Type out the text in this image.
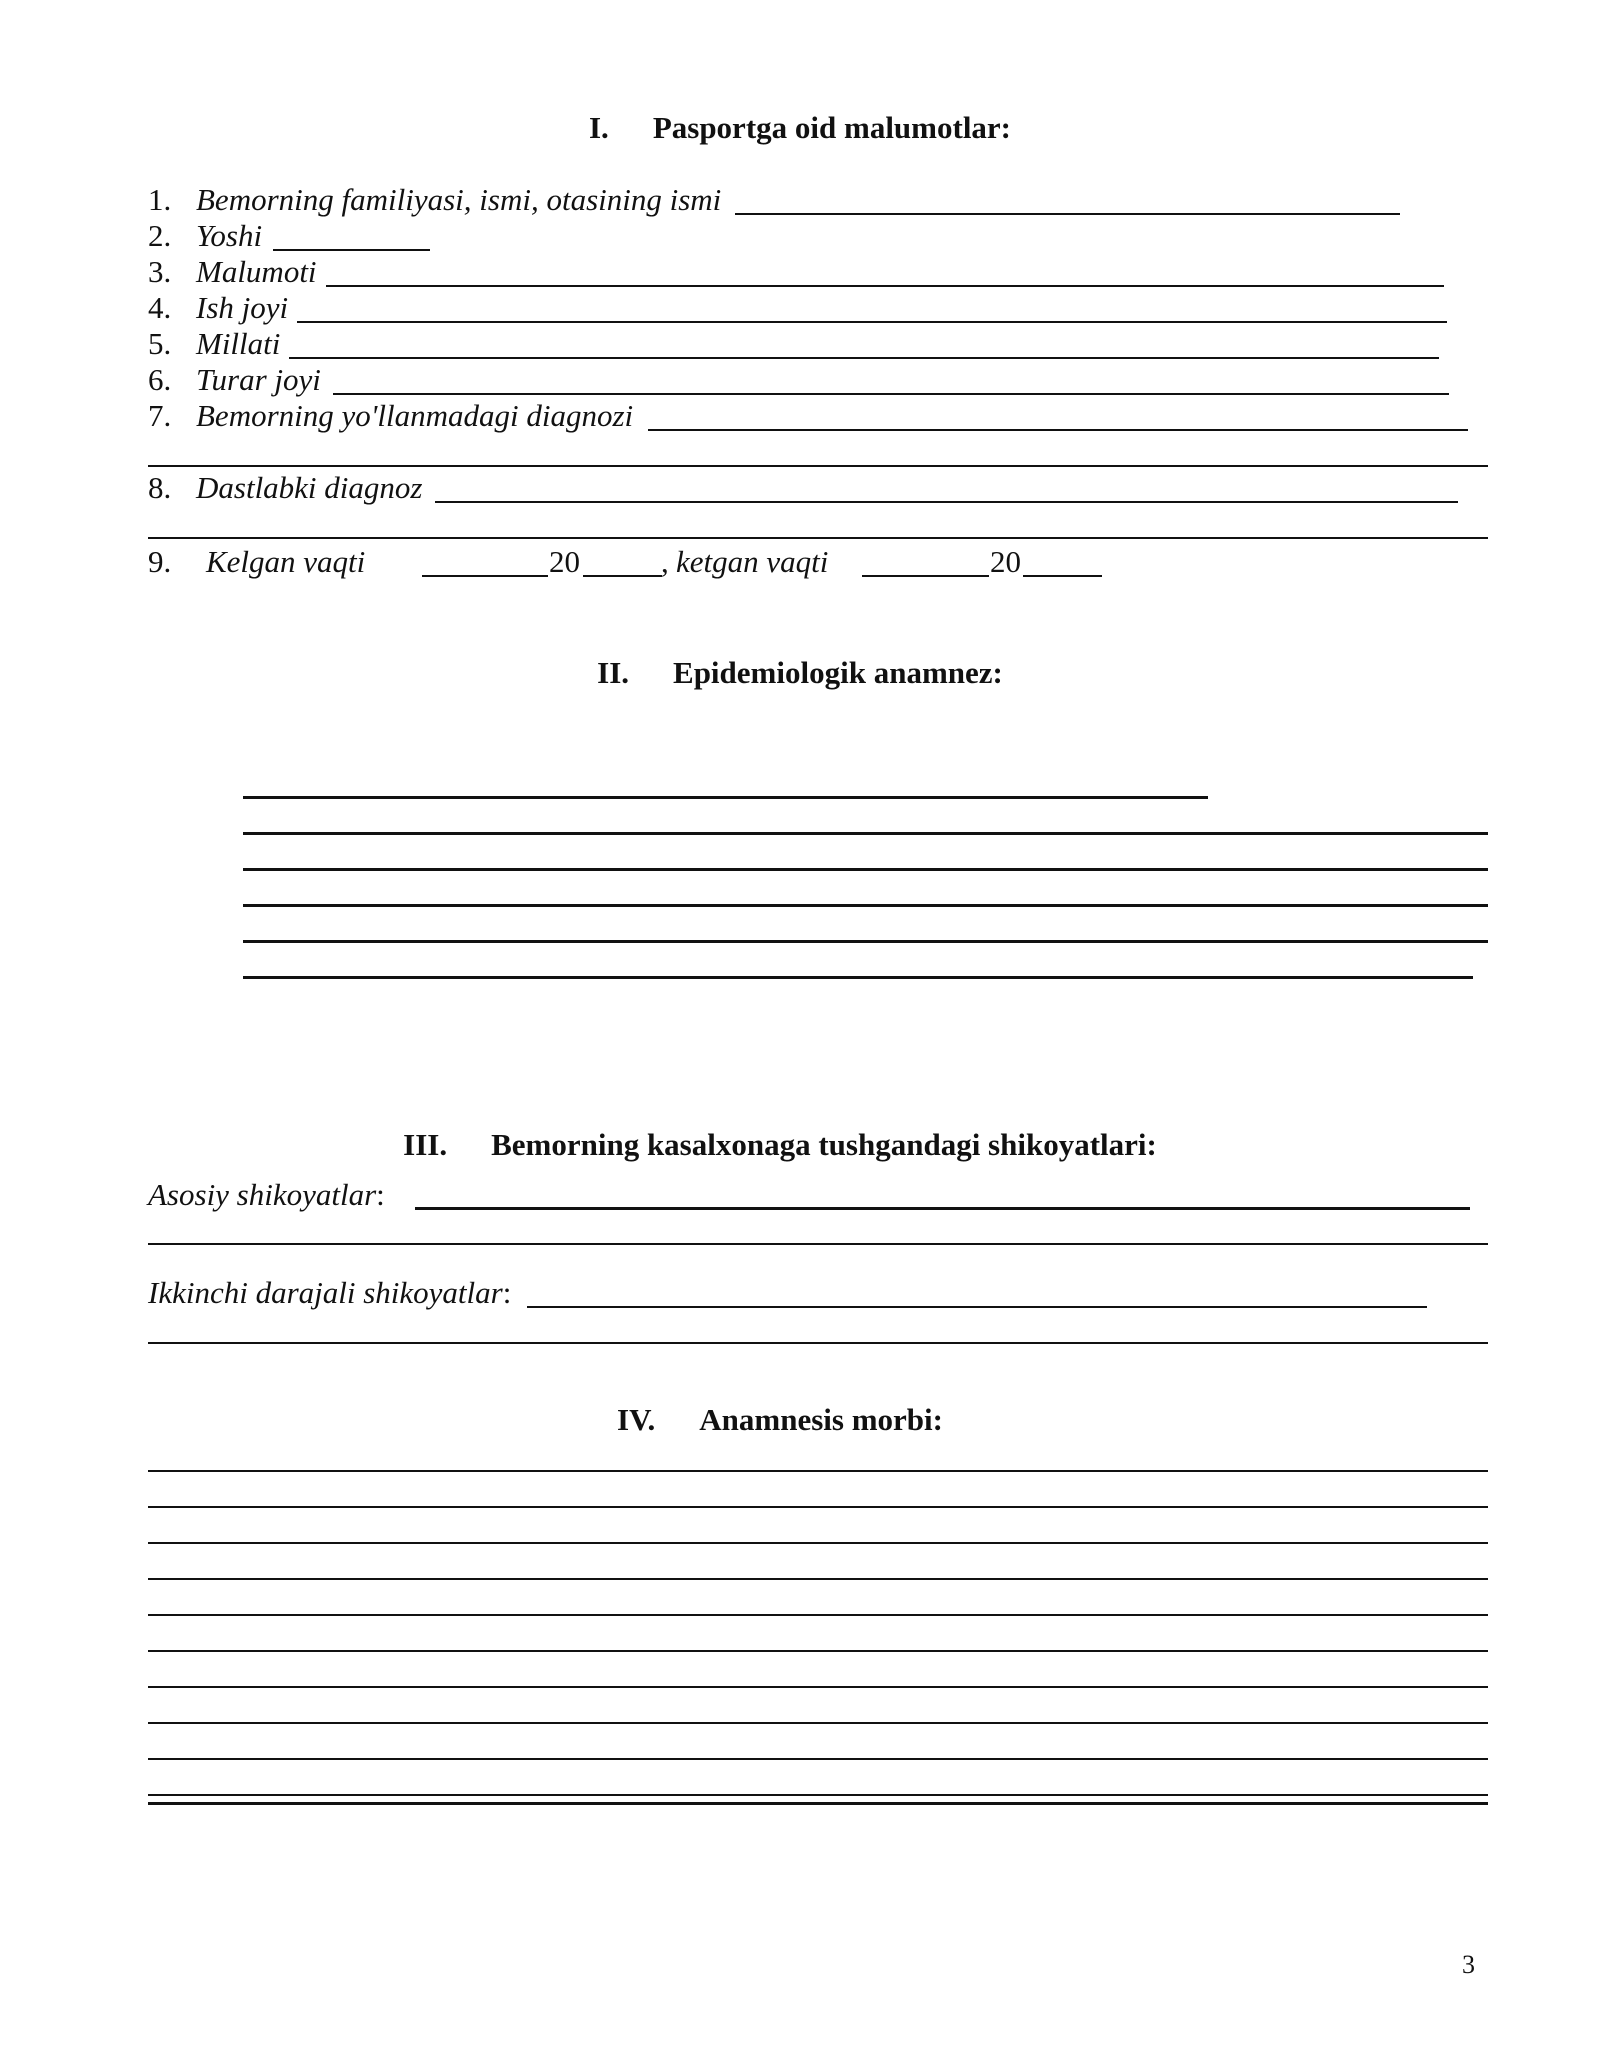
I. Pasportga oid malumotlar:
1. Bemorning familiyasi, ismi, otasining ismi
2. Yoshi
3. Malumoti
4. Ish joyi
5. Millati
6. Turar joyi
7. Bemorning yo'llanmadagi diagnozi
8. Dastlabki diagnoz
9. Kelgan vaqti	20	, ketgan vaqti	20
II. Epidemiologik anamnez:
III. Bemorning kasalxonaga tushgandagi shikoyatlari:
Asosiy shikoyatlar:
Ikkinchi darajali shikoyatlar:
IV. Anamnesis morbi:
3
